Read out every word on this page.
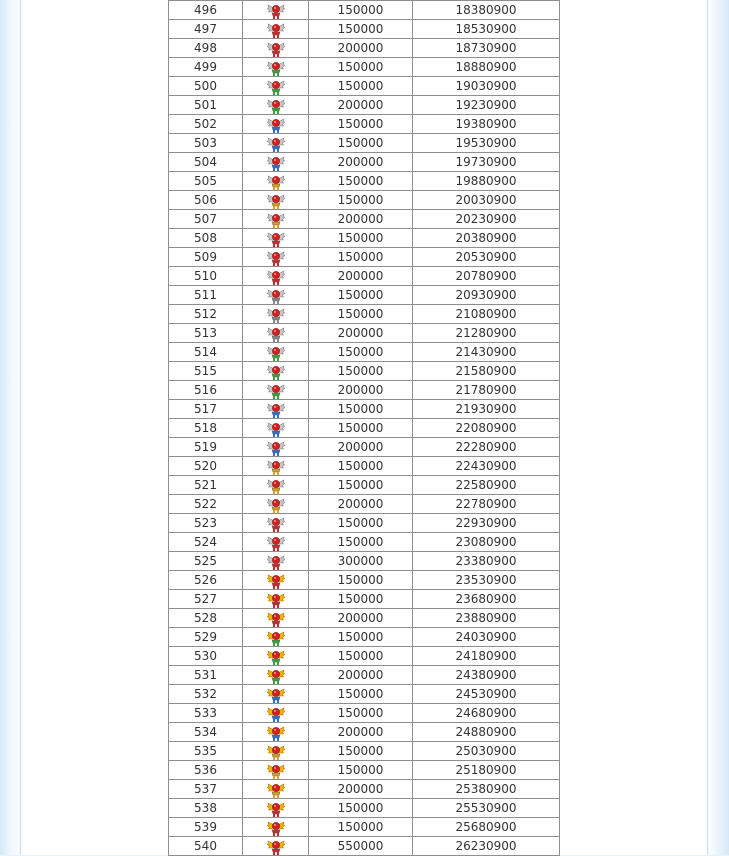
496		150000	18380900
497		150000	18530900
498		200000	18730900
499		150000	18880900
500		150000	19030900
501		200000	19230900
502		150000	19380900
503		150000	19530900
504		200000	19730900
505		150000	19880900
506		150000	20030900
507		200000	20230900
508		150000	20380900
509		150000	20530900
510		200000	20780900
511		150000	20930900
512		150000	21080900
513		200000	21280900
514		150000	21430900
515		150000	21580900
516		200000	21780900
517		150000	21930900
518		150000	22080900
519		200000	22280900
520		150000	22430900
521		150000	22580900
522		200000	22780900
523		150000	22930900
524		150000	23080900
525		300000	23380900
526		150000	23530900
527		150000	23680900
528		200000	23880900
529		150000	24030900
530		150000	24180900
531		200000	24380900
532		150000	24530900
533		150000	24680900
534		200000	24880900
535		150000	25030900
536		150000	25180900
537		200000	25380900
538		150000	25530900
539		150000	25680900
540		550000	26230900
